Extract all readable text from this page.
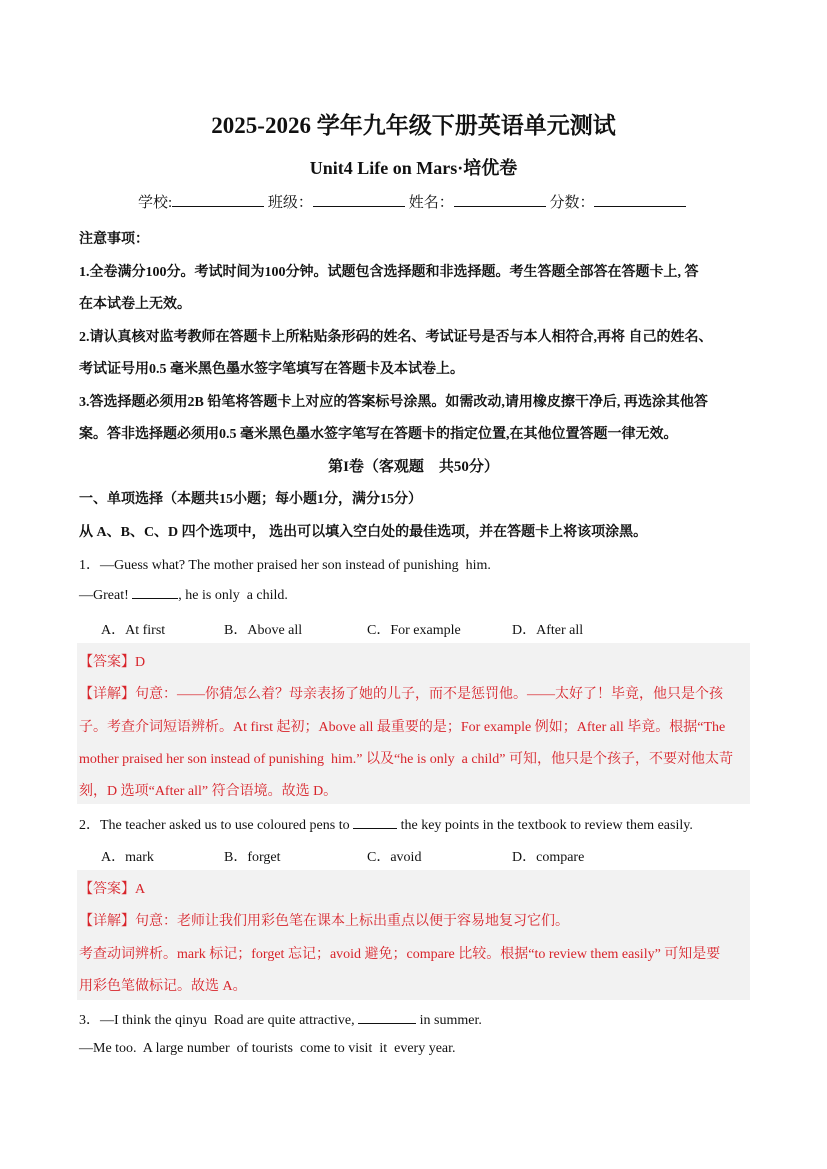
2025-2026 学年九年级下册英语单元测试
Unit4 Life on Mars·培优卷
学校:	班级：	姓名：	分数：
注意事项：
1.全卷满分100分。考试时间为100分钟。试题包含选择题和非选择题。考生答题全部答在答题卡上, 答
在本试卷上无效。
2.请认真核对监考教师在答题卡上所粘贴条形码的姓名、考试证号是否与本人相符合,再将 自己的姓名、
考试证号用0.5 毫米黑色墨水签字笔填写在答题卡及本试卷上。
3.答选择题必须用2B 铅笔将答题卡上对应的答案标号涂黑。如需改动,请用橡皮擦干净后, 再选涂其他答
案。答非选择题必须用0.5 毫米黑色墨水签字笔写在答题卡的指定位置,在其他位置答题一律无效。
第I卷（客观题    共50分）
一、单项选择（本题共15小题；每小题1分，满分15分）
从 A、B、C、D 四个选项中， 选出可以填入空白处的最佳选项，并在答题卡上将该项涂黑。
1．—Guess what? The mother praised her son instead of punishing  him.
—Great!	, he is only  a child.
A．At first	B．Above all	C．For example	D．After all
【答案】D
【详解】句意：——你猜怎么着？母亲表扬了她的儿子，而不是惩罚他。——太好了！毕竟，他只是个孩
子。考查介词短语辨析。At first 起初；Above all 最重要的是；For example 例如；After all 毕竟。根据“The
mother praised her son instead of punishing  him.” 以及“he is only  a child” 可知，他只是个孩子，不要对他太苛
刻，D 选项“After all” 符合语境。故选 D。
2．The teacher asked us to use coloured pens to	the key points in the textbook to review them easily.
A．mark	B．forget	C．avoid	D．compare
【答案】A
【详解】句意：老师让我们用彩色笔在课本上标出重点以便于容易地复习它们。
考查动词辨析。mark 标记；forget 忘记；avoid 避免；compare 比较。根据“to review them easily” 可知是要
用彩色笔做标记。故选 A。
3．—I think the qinyu  Road are quite attractive,	in summer.
—Me too.  A large number  of tourists  come to visit  it  every year.
